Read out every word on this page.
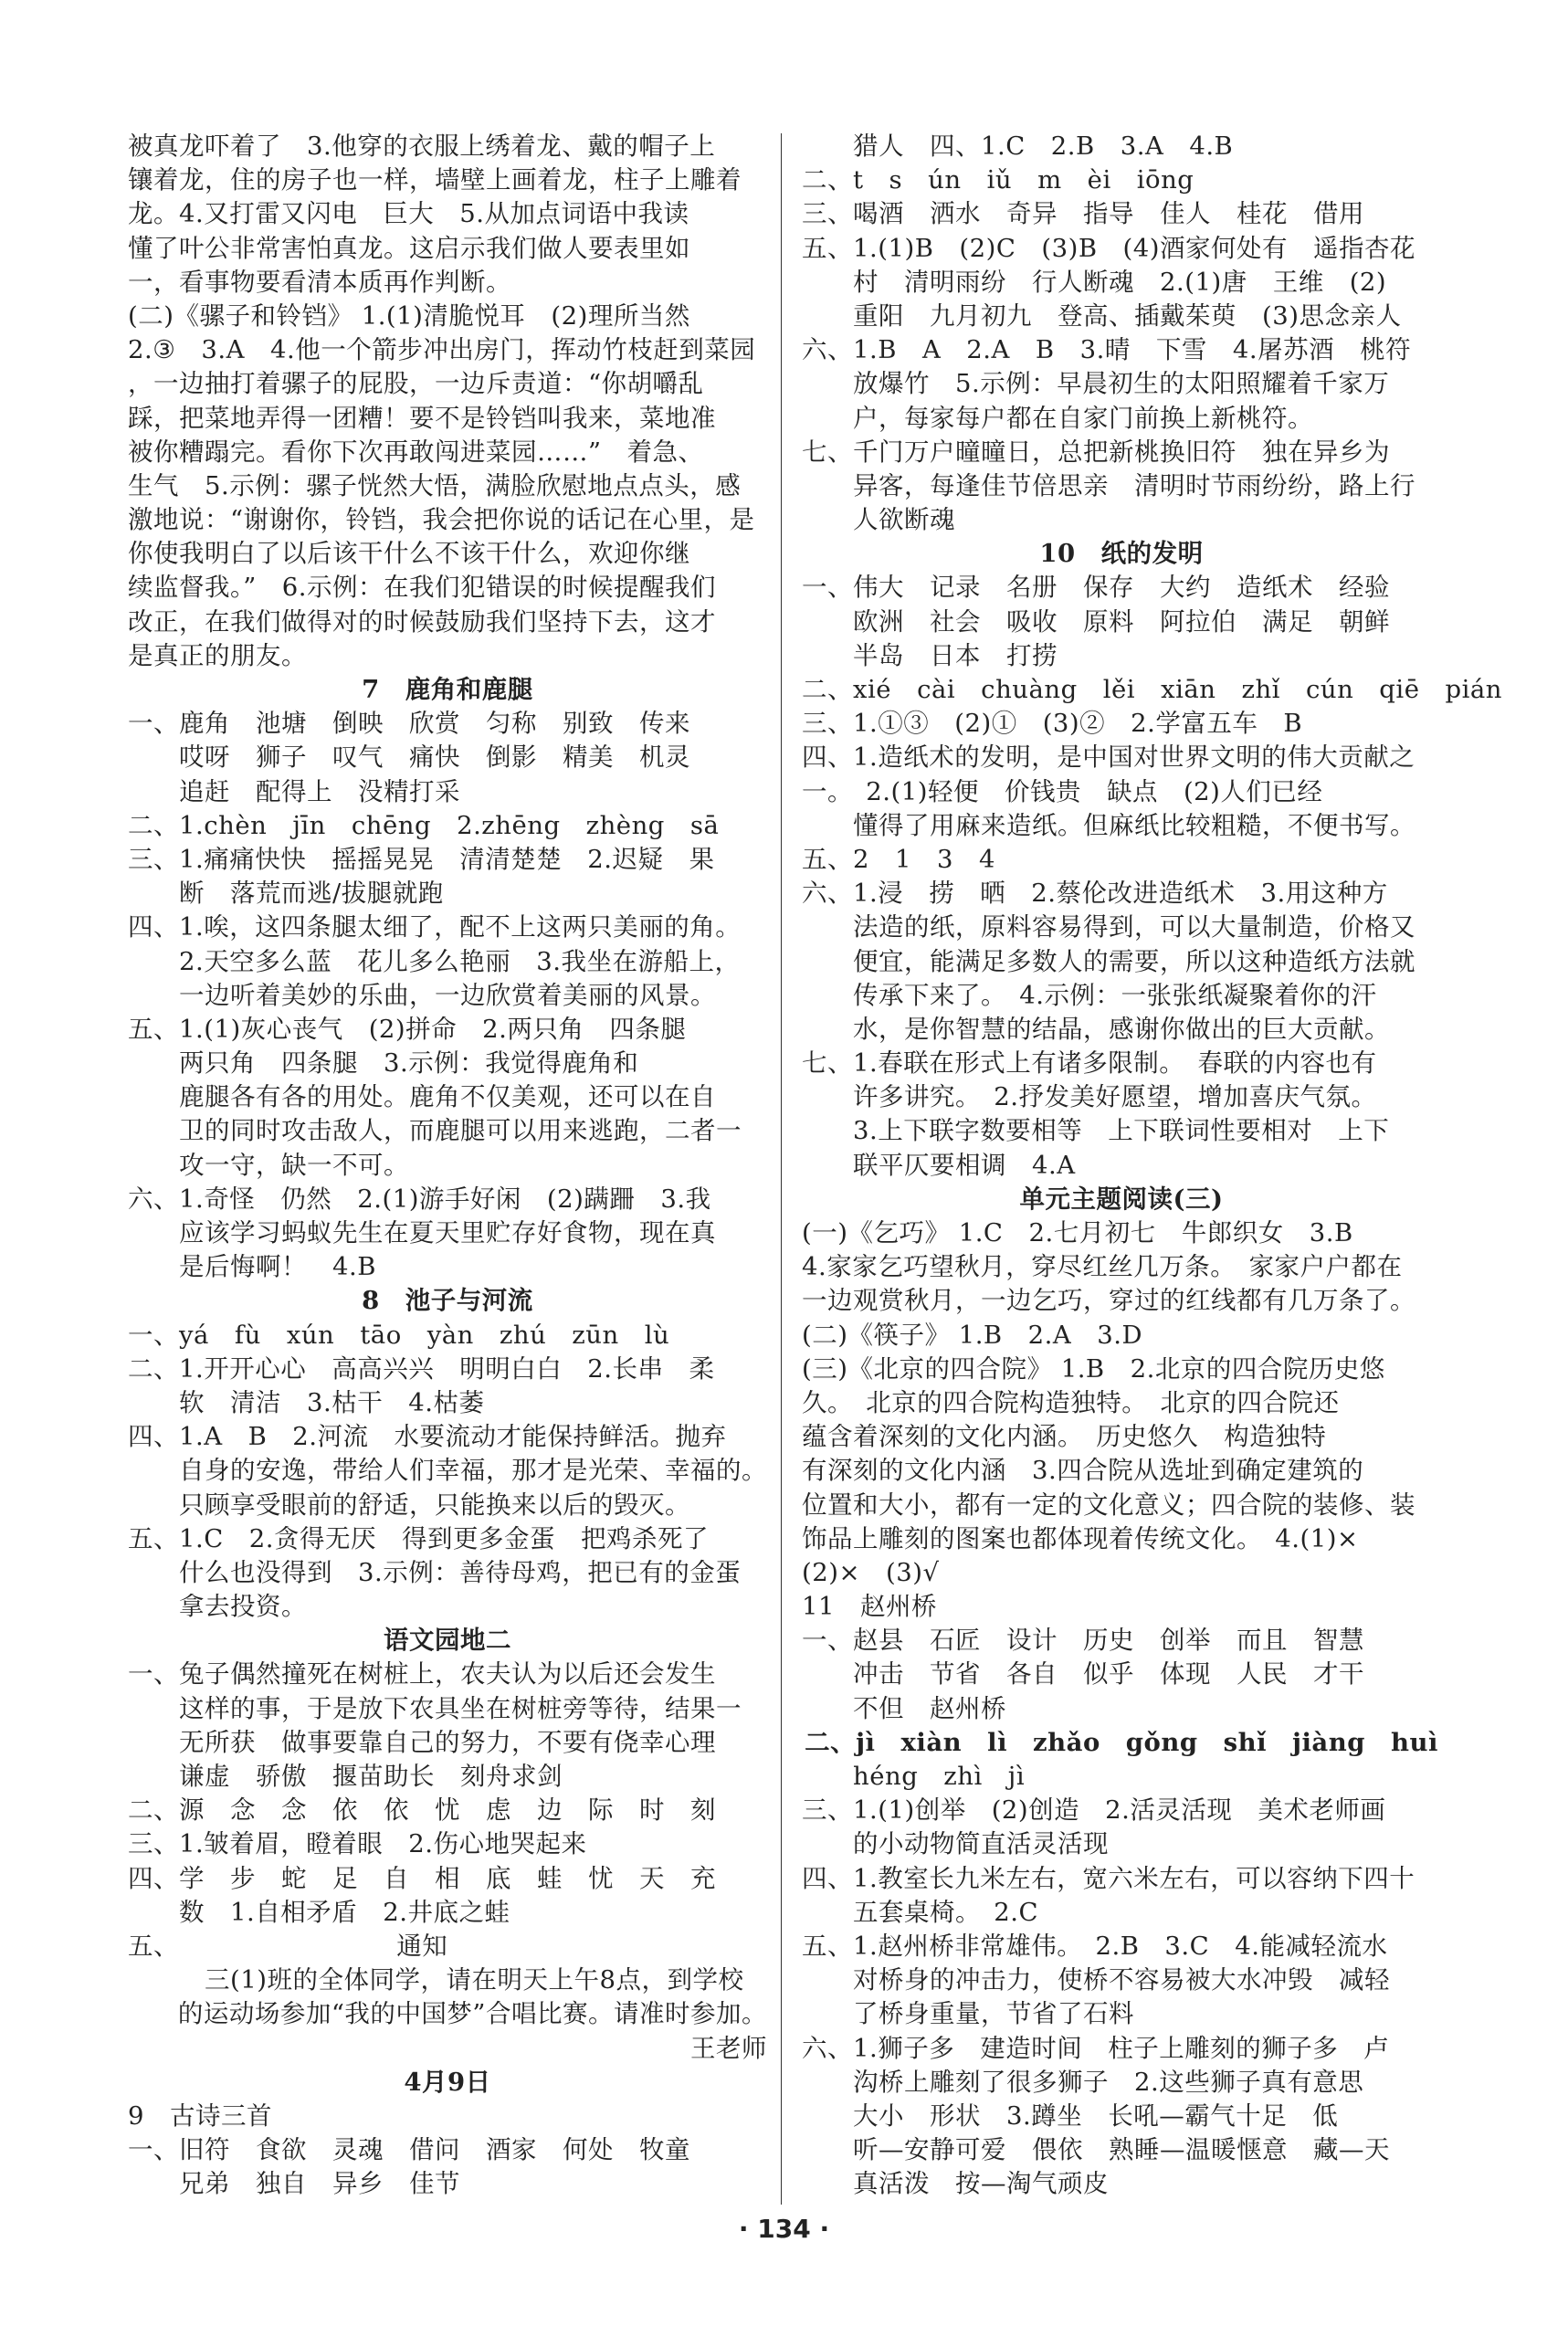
被真龙吓着了　3.他穿的衣服上绣着龙、戴的帽子上
镶着龙，住的房子也一样，墙壁上画着龙，柱子上雕着
龙。4.又打雷又闪电　巨大　5.从加点词语中我读
懂了叶公非常害怕真龙。这启示我们做人要表里如
一，看事物要看清本质再作判断。
(二)《骡子和铃铛》 1.(1)清脆悦耳　(2)理所当然
2.③　3.A　4.他一个箭步冲出房门，挥动竹枝赶到菜园
，一边抽打着骡子的屁股，一边斥责道：“你胡嚼乱
踩，把菜地弄得一团糟！要不是铃铛叫我来，菜地准
被你糟蹋完。看你下次再敢闯进菜园……”　着急、
生气　5.示例：骡子恍然大悟，满脸欣慰地点点头，感
激地说：“谢谢你，铃铛，我会把你说的话记在心里，是
你使我明白了以后该干什么不该干什么，欢迎你继
续监督我。”　6.示例：在我们犯错误的时候提醒我们
改正，在我们做得对的时候鼓励我们坚持下去，这才
是真正的朋友。
7　鹿角和鹿腿
一、鹿角　池塘　倒映　欣赏　匀称　别致　传来
　　哎呀　狮子　叹气　痛快　倒影　精美　机灵
　　追赶　配得上　没精打采
二、1.chèn　jīn　chēng　2.zhēng　zhèng　sā
三、1.痛痛快快　摇摇晃晃　清清楚楚　2.迟疑　果
　　断　落荒而逃/拔腿就跑
四、1.唉，这四条腿太细了，配不上这两只美丽的角。
　　2.天空多么蓝　花儿多么艳丽　3.我坐在游船上，
　　一边听着美妙的乐曲，一边欣赏着美丽的风景。
五、1.(1)灰心丧气　(2)拼命　2.两只角　四条腿
　　两只角　四条腿　3.示例：我觉得鹿角和
　　鹿腿各有各的用处。鹿角不仅美观，还可以在自
　　卫的同时攻击敌人，而鹿腿可以用来逃跑，二者一
　　攻一守，缺一不可。
六、1.奇怪　仍然　2.(1)游手好闲　(2)蹒跚　3.我
　　应该学习蚂蚁先生在夏天里贮存好食物，现在真
　　是后悔啊！　4.B
8　池子与河流
一、yá　fù　xún　tāo　yàn　zhú　zūn　lù
二、1.开开心心　高高兴兴　明明白白　2.长串　柔
　　软　清洁　3.枯干　4.枯萎
四、1.A　B　2.河流　水要流动才能保持鲜活。抛弃
　　自身的安逸，带给人们幸福，那才是光荣、幸福的。
　　只顾享受眼前的舒适，只能换来以后的毁灭。
五、1.C　2.贪得无厌　得到更多金蛋　把鸡杀死了
　　什么也没得到　3.示例：善待母鸡，把已有的金蛋
　　拿去投资。
语文园地二
一、兔子偶然撞死在树桩上，农夫认为以后还会发生
　　这样的事，于是放下农具坐在树桩旁等待，结果一
　　无所获　做事要靠自己的努力，不要有侥幸心理
　　谦虚　骄傲　揠苗助长　刻舟求剑
二、源　念　念　依　依　忧　虑　边　际　时　刻
三、1.皱着眉，瞪着眼　2.伤心地哭起来
四、学　步　蛇　足　自　相　底　蛙　忧　天　充
　　数　1.自相矛盾　2.井底之蛙
五、　　　　　　　　　通知
　　　三(1)班的全体同学，请在明天上午8点，到学校
的运动场参加“我的中国梦”合唱比赛。请准时参加。
王老师
4月9日
9　古诗三首
一、旧符　食欲　灵魂　借问　酒家　何处　牧童
　　兄弟　独自　异乡　佳节
　　猎人　四、1.C　2.B　3.A　4.B
二、t　s　ún　iǔ　m　èi　iōng
三、喝酒　洒水　奇异　指导　佳人　桂花　借用
五、1.(1)B　(2)C　(3)B　(4)酒家何处有　遥指杏花
　　村　清明雨纷　行人断魂　2.(1)唐　王维　(2)
　　重阳　九月初九　登高、插戴茱萸　(3)思念亲人
六、1.B　A　2.A　B　3.晴　下雪　4.屠苏酒　桃符
　　放爆竹　5.示例：早晨初生的太阳照耀着千家万
　　户，每家每户都在自家门前换上新桃符。
七、千门万户曈曈日，总把新桃换旧符　独在异乡为
　　异客，每逢佳节倍思亲　清明时节雨纷纷，路上行
　　人欲断魂
10　纸的发明
一、伟大　记录　名册　保存　大约　造纸术　经验
　　欧洲　社会　吸收　原料　阿拉伯　满足　朝鲜
　　半岛　日本　打捞
二、xié　cài　chuàng　lěi　xiān　zhǐ　cún　qiē　pián
三、1.①③　(2)①　(3)②　2.学富五车　B
四、1.造纸术的发明，是中国对世界文明的伟大贡献之
一。　2.(1)轻便　价钱贵　缺点　(2)人们已经
　　懂得了用麻来造纸。但麻纸比较粗糙，不便书写。
五、2　1　3　4
六、1.浸　捞　晒　2.蔡伦改进造纸术　3.用这种方
　　法造的纸，原料容易得到，可以大量制造，价格又
　　便宜，能满足多数人的需要，所以这种造纸方法就
　　传承下来了。　4.示例：一张张纸凝聚着你的汗
　　水，是你智慧的结晶，感谢你做出的巨大贡献。
七、1.春联在形式上有诸多限制。　春联的内容也有
　　许多讲究。　2.抒发美好愿望，增加喜庆气氛。
　　3.上下联字数要相等　上下联词性要相对　上下
　　联平仄要相调　4.A
单元主题阅读(三)
(一)《乞巧》 1.C　2.七月初七　牛郎织女　3.B
4.家家乞巧望秋月，穿尽红丝几万条。　家家户户都在
一边观赏秋月，一边乞巧，穿过的红线都有几万条了。
(二)《筷子》 1.B　2.A　3.D
(三)《北京的四合院》 1.B　2.北京的四合院历史悠
久。　北京的四合院构造独特。　北京的四合院还
蕴含着深刻的文化内涵。　历史悠久　构造独特
有深刻的文化内涵　3.四合院从选址到确定建筑的
位置和大小，都有一定的文化意义；四合院的装修、装
饰品上雕刻的图案也都体现着传统文化。　4.(1)×
(2)×　(3)√
11　赵州桥
一、赵县　石匠　设计　历史　创举　而且　智慧
　　冲击　节省　各自　似乎　体现　人民　才干
　　不但　赵州桥
二、jì　xiàn　lì　zhǎo　gǒng　shǐ　jiàng　huì
　　héng　zhì　jì
三、1.(1)创举　(2)创造　2.活灵活现　美术老师画
　　的小动物简直活灵活现
四、1.教室长九米左右，宽六米左右，可以容纳下四十
　　五套桌椅。　2.C
五、1.赵州桥非常雄伟。　2.B　3.C　4.能减轻流水
　　对桥身的冲击力，使桥不容易被大水冲毁　减轻
　　了桥身重量，节省了石料
六、1.狮子多　建造时间　柱子上雕刻的狮子多　卢
　　沟桥上雕刻了很多狮子　2.这些狮子真有意思
　　大小　形状　3.蹲坐　长吼—霸气十足　低
　　听—安静可爱　偎依　熟睡—温暖惬意　藏—天
　　真活泼　按—淘气顽皮
· 134 ·
